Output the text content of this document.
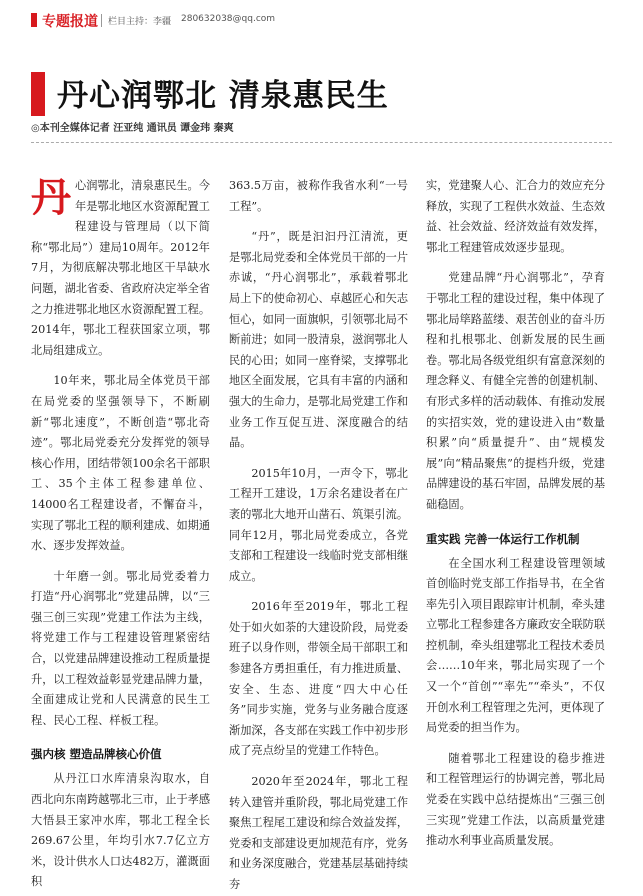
专题报道 栏目主持：李疆 280632038@qq.com
丹心润鄂北 清泉惠民生
◎本刊全媒体记者 汪亚纯 通讯员 谭金玮 秦爽

丹心润鄂北，清泉惠民生。今年是鄂北地区水资源配置工程建设与管理局（以下简称“鄂北局”）建局10周年。2012年7月，为彻底解决鄂北地区干旱缺水问题，湖北省委、省政府决定举全省之力推进鄂北地区水资源配置工程。2014年，鄂北工程获国家立项，鄂北局组建成立。

10年来，鄂北局全体党员干部在局党委的坚强领导下，不断刷新“鄂北速度”，不断创造“鄂北奇迹”。鄂北局党委充分发挥党的领导核心作用，团结带领100余名干部职工、35个主体工程参建单位、14000名工程建设者，不懈奋斗，实现了鄂北工程的顺利建成、如期通水、逐步发挥效益。

十年磨一剑。鄂北局党委着力打造“丹心润鄂北”党建品牌，以“三强三创三实现”党建工作法为主线，将党建工作与工程建设管理紧密结合，以党建品牌建设推动工程质量提升，以工程效益彰显党建品牌力量，全面建成让党和人民满意的民生工程、民心工程、样板工程。

强内核 塑造品牌核心价值

从丹江口水库清泉沟取水，自西北向东南跨越鄂北三市，止于孝感大悟县王家冲水库，鄂北工程全长269.67公里，年均引水7.7亿立方米，设计供水人口达482万，灌溉面积

363.5万亩，被称作我省水利“一号工程”。

“丹”，既是汩汩丹江清流，更是鄂北局党委和全体党员干部的一片赤诚，“丹心润鄂北”，承载着鄂北局上下的使命初心、卓越匠心和矢志恒心，如同一面旗帜，引领鄂北局不断前进；如同一股清泉，滋润鄂北人民的心田；如同一座脊梁，支撑鄂北地区全面发展，它具有丰富的内涵和强大的生命力，是鄂北局党建工作和业务工作互促互进、深度融合的结晶。

2015年10月，一声令下，鄂北工程开工建设，1万余名建设者在广袤的鄂北大地开山凿石、筑渠引流。同年12月，鄂北局党委成立，各党支部和工程建设一线临时党支部相继成立。

2016年至2019年，鄂北工程处于如火如荼的大建设阶段，局党委班子以身作则，带领全局干部职工和参建各方勇担重任，有力推进质量、安全、生态、进度“四大中心任务”同步实施，党务与业务融合度逐渐加深，各支部在实践工作中初步形成了亮点纷呈的党建工作特色。

2020年至2024年，鄂北工程转入建管并重阶段，鄂北局党建工作聚焦工程尾工建设和综合效益发挥，党委和支部建设更加规范有序，党务和业务深度融合，党建基层基础持续夯

实，党建聚人心、汇合力的效应充分释放，实现了工程供水效益、生态效益、社会效益、经济效益有效发挥，鄂北工程建管成效逐步显现。

党建品牌“丹心润鄂北”，孕育于鄂北工程的建设过程，集中体现了鄂北局筚路蓝缕、艰苦创业的奋斗历程和扎根鄂北、创新发展的民生画卷。鄂北局各级党组织有富意深刻的理念释义、有健全完善的创建机制、有形式多样的活动载体、有推动发展的实招实效，党的建设进入由“数量积累”向“质量提升”、由“规模发展”向“精品聚焦”的提档升级，党建品牌建设的基石牢固，品牌发展的基础稳固。

重实践 完善一体运行工作机制

在全国水利工程建设管理领域首创临时党支部工作指导书，在全省率先引入项目跟踪审计机制，牵头建立鄂北工程参建各方廉政安全联防联控机制，牵头组建鄂北工程技术委员会……10年来，鄂北局实现了一个又一个“首创”“率先”“牵头”，不仅开创水利工程管理之先河，更体现了局党委的担当作为。

随着鄂北工程建设的稳步推进和工程管理运行的协调完善，鄂北局党委在实践中总结提炼出“三强三创三实现”党建工作法，以高质量党建推动水利事业高质量发展。
